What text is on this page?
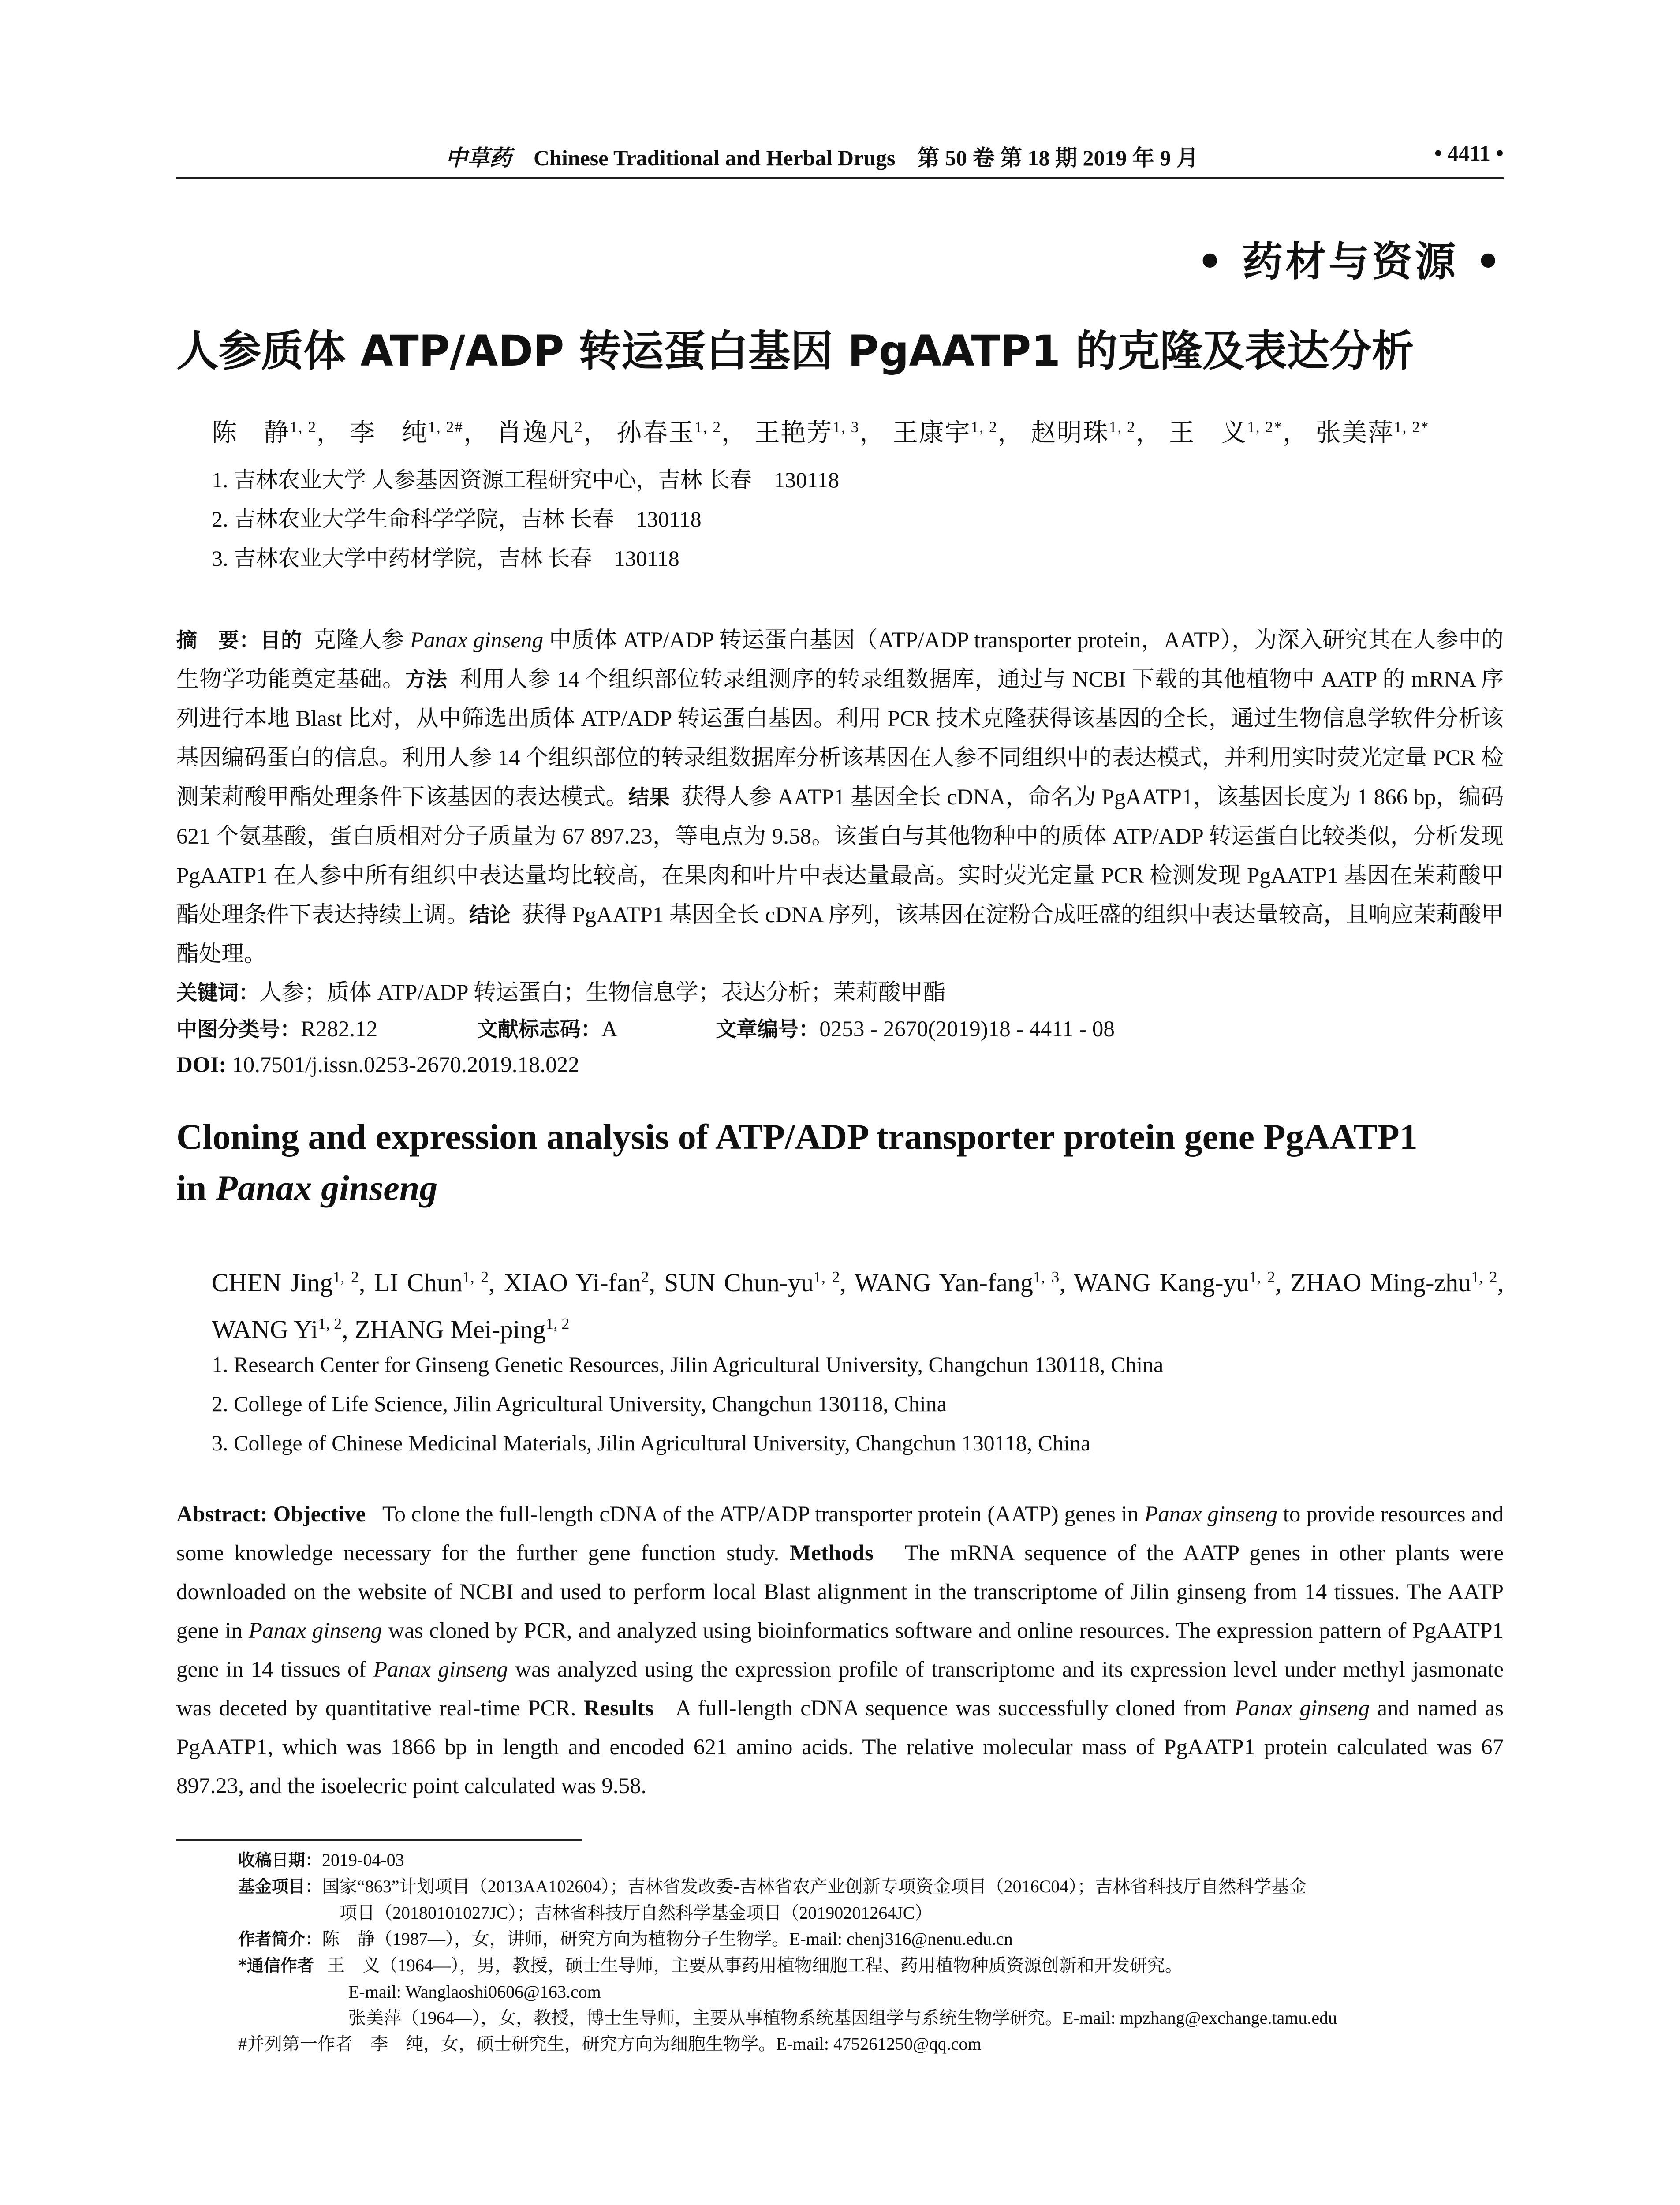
中草药 Chinese Traditional and Herbal Drugs 第 50 卷 第 18 期 2019 年 9 月	• 4411 •
• 药材与资源 •
人参质体 ATP/ADP 转运蛋白基因 PgAATP1 的克隆及表达分析
陈　静$^{1, 2}$， 李　纯$^{1, 2\#}$， 肖逸凡$^2$， 孙春玉$^{1, 2}$， 王艳芳$^{1, 3}$， 王康宇$^{1, 2}$， 赵明珠$^{1, 2}$， 王　义$^{1, 2*}$， 张美萍$^{1, 2*}$
1. 吉林农业大学 人参基因资源工程研究中心，吉林 长春　130118
2. 吉林农业大学生命科学学院，吉林 长春　130118
3. 吉林农业大学中药材学院，吉林 长春　130118
摘　要：目的 克隆人参 Panax ginseng 中质体 ATP/ADP 转运蛋白基因（ATP/ADP transporter protein，AATP），为深入研究其在人参中的生物学功能奠定基础。方法 利用人参 14 个组织部位转录组测序的转录组数据库，通过与 NCBI 下载的其他植物中 AATP 的 mRNA 序列进行本地 Blast 比对，从中筛选出质体 ATP/ADP 转运蛋白基因。利用 PCR 技术克隆获得该基因的全长，通过生物信息学软件分析该基因编码蛋白的信息。利用人参 14 个组织部位的转录组数据库分析该基因在人参不同组织中的表达模式，并利用实时荧光定量 PCR 检测茉莉酸甲酯处理条件下该基因的表达模式。结果 获得人参 AATP1 基因全长 cDNA，命名为 PgAATP1，该基因长度为 1 866 bp，编码 621 个氨基酸，蛋白质相对分子质量为 67 897.23，等电点为 9.58。该蛋白与其他物种中的质体 ATP/ADP 转运蛋白比较类似，分析发现 PgAATP1 在人参中所有组织中表达量均比较高，在果肉和叶片中表达量最高。实时荧光定量 PCR 检测发现 PgAATP1 基因在茉莉酸甲酯处理条件下表达持续上调。结论 获得 PgAATP1 基因全长 cDNA 序列，该基因在淀粉合成旺盛的组织中表达量较高，且响应茉莉酸甲酯处理。
关键词：人参；质体 ATP/ADP 转运蛋白；生物信息学；表达分析；茉莉酸甲酯
中图分类号：R282.12	文献标志码：A	文章编号：0253 - 2670(2019)18 - 4411 - 08
DOI: 10.7501/j.issn.0253-2670.2019.18.022
Cloning and expression analysis of ATP/ADP transporter protein gene PgAATP1
in Panax ginseng
CHEN Jing$^{1, 2}$, LI Chun$^{1, 2}$, XIAO Yi-fan$^2$, SUN Chun-yu$^{1, 2}$, WANG Yan-fang$^{1, 3}$, WANG Kang-yu$^{1, 2}$, ZHAO Ming-zhu$^{1, 2}$, WANG Yi$^{1, 2}$, ZHANG Mei-ping$^{1, 2}$
1. Research Center for Ginseng Genetic Resources, Jilin Agricultural University, Changchun 130118, China
2. College of Life Science, Jilin Agricultural University, Changchun 130118, China
3. College of Chinese Medicinal Materials, Jilin Agricultural University, Changchun 130118, China
Abstract: Objective To clone the full-length cDNA of the ATP/ADP transporter protein (AATP) genes in Panax ginseng to provide resources and some knowledge necessary for the further gene function study. Methods The mRNA sequence of the AATP genes in other plants were downloaded on the website of NCBI and used to perform local Blast alignment in the transcriptome of Jilin ginseng from 14 tissues. The AATP gene in Panax ginseng was cloned by PCR, and analyzed using bioinformatics software and online resources. The expression pattern of PgAATP1 gene in 14 tissues of Panax ginseng was analyzed using the expression profile of transcriptome and its expression level under methyl jasmonate was deceted by quantitative real-time PCR. Results A full-length cDNA sequence was successfully cloned from Panax ginseng and named as PgAATP1, which was 1866 bp in length and encoded 621 amino acids. The relative molecular mass of PgAATP1 protein calculated was 67 897.23, and the isoelecric point calculated was 9.58.
收稿日期：2019-04-03
基金项目：国家“863”计划项目（2013AA102604）；吉林省发改委-吉林省农产业创新专项资金项目（2016C04）；吉林省科技厅自然科学基金
项目（20180101027JC）；吉林省科技厅自然科学基金项目（20190201264JC）
作者简介：陈　静（1987—），女，讲师，研究方向为植物分子生物学。E-mail: chenj316@nenu.edu.cn
*通信作者 王　义（1964—），男，教授，硕士生导师，主要从事药用植物细胞工程、药用植物种质资源创新和开发研究。
E-mail: Wanglaoshi0606@163.com
张美萍（1964—），女，教授，博士生导师，主要从事植物系统基因组学与系统生物学研究。E-mail: mpzhang@exchange.tamu.edu
#并列第一作者　李　纯，女，硕士研究生，研究方向为细胞生物学。E-mail: 475261250@qq.com
